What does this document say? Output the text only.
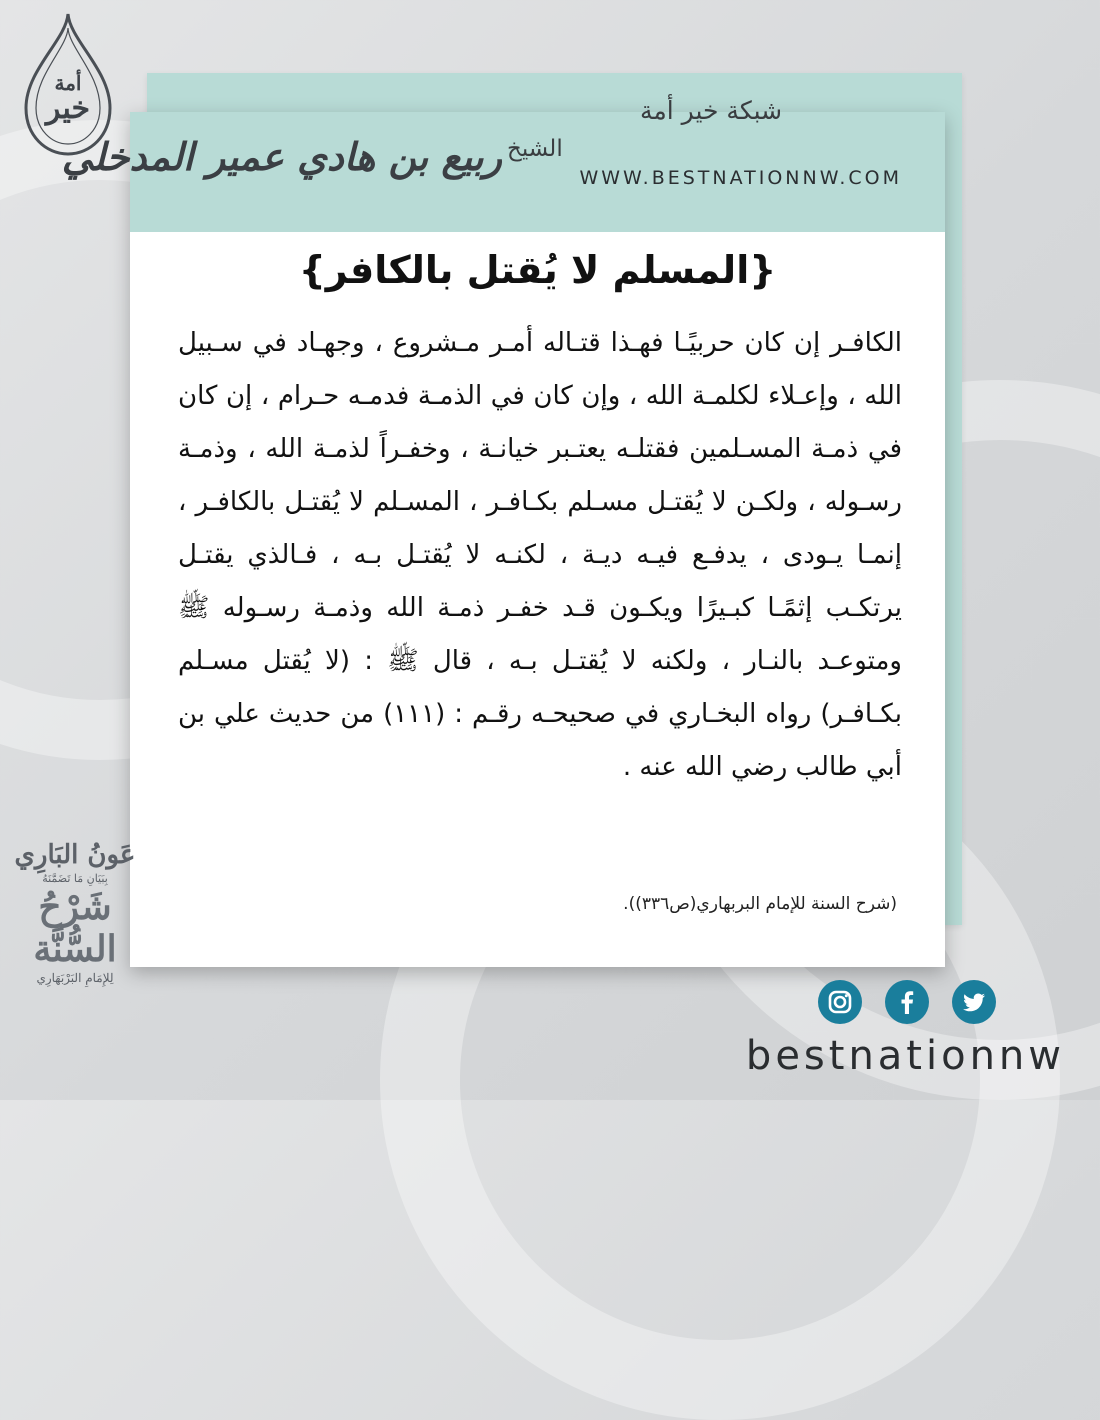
خير
أمة
ربيع بن هادي عمير المدخلي الشيخ
WWW.BESTNATIONNW.COM
{المسلم لا يُقتل بالكافر}
الكافـر إن كان حربيًـا فهـذا قتـاله أمـر مـشروع ، وجهـاد في سـبيل الله ، وإعـلاء لكلمـة الله ، وإن كان في الذمـة فدمـه حـرام ، إن كان في ذمـة المسـلمين فقتلـه يعتـبر خيانـة ، وخفـراً لذمـة الله ، وذمـة رسـوله ، ولكـن لا يُقتـل مسـلم بكـافـر ، المسـلم لا يُقتـل بالكافـر ، إنمـا يـودى ، يدفـع فيـه ديـة ، لكنـه لا يُقتـل بـه ، فـالذي يقتـل يرتكـب إثمًـا كبـيرًا ويكـون قـد خفـر ذمـة الله وذمـة رسـوله ﷺ ومتوعـد بالنـار ، ولكنه لا يُقتـل بـه ، قال ﷺ : (لا يُقتل مسـلم بكـافـر) رواه البخـاري في صحيحـه رقـم : (١١١) من حديث علي بن أبي طالب رضي الله عنه .
(شرح السنة للإمام البربهاري(ص٣٣٦)).
شبكة خير أمة
عَونُ البَارِي
بِبَيَانِ مَا تَضَمَّنَهُ
شَرْحُ السُّنَّة
لِلإِمَامِ البَرْبَهَارِي
bestnationnw
